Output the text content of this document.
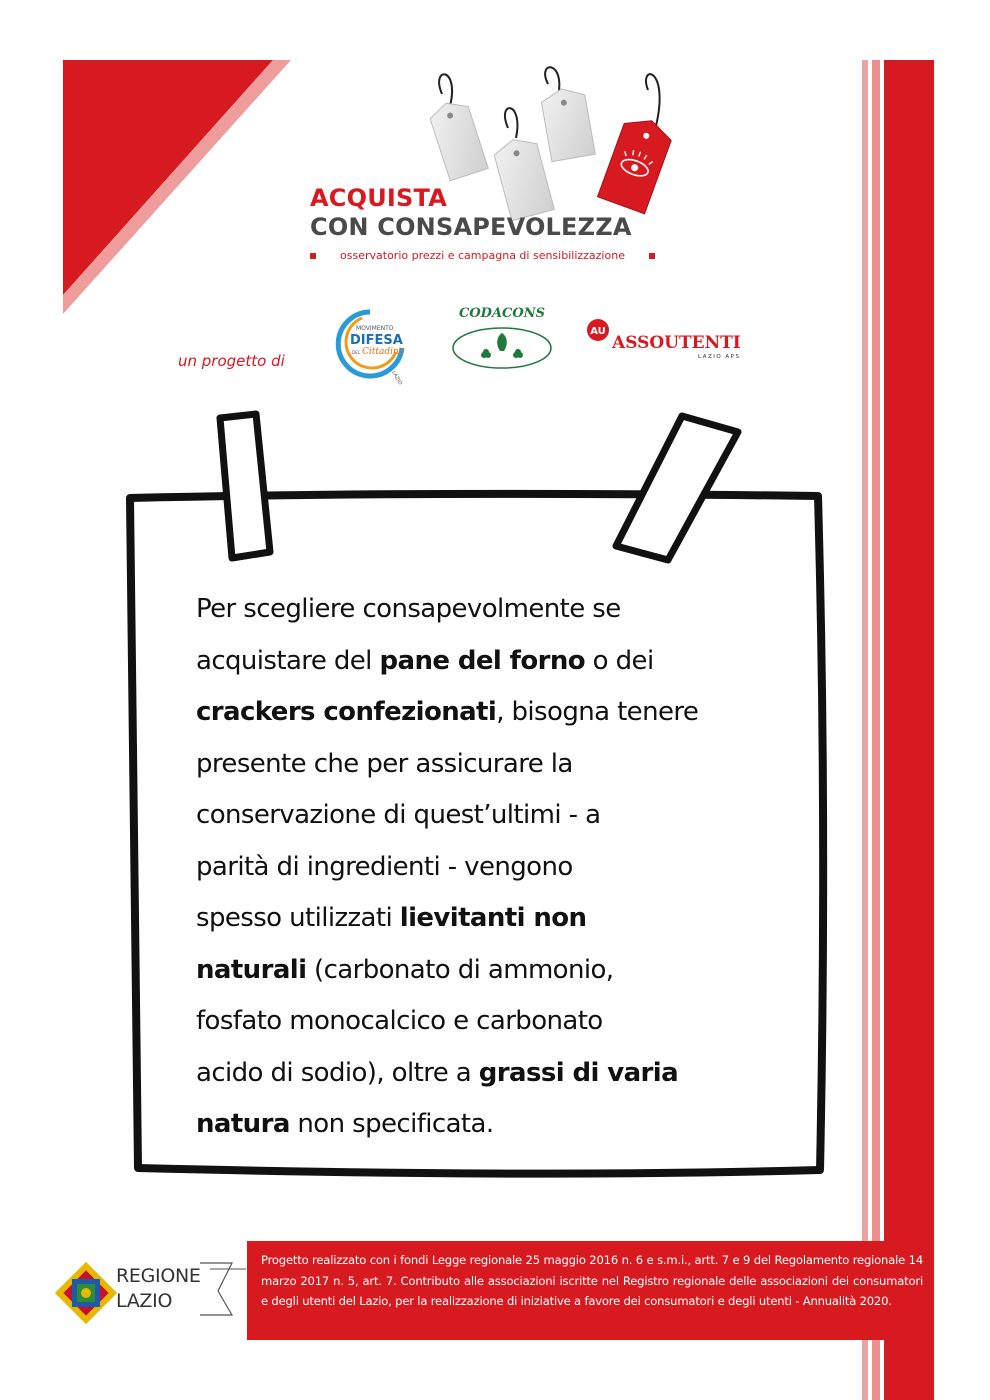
ACQUISTA
CON CONSAPEVOLEZZA
osservatorio prezzi e campagna di sensibilizzazione
un progetto di
MOVIMENTO
DIFESA
DEL Cittadino
LAZIO
CODACONS
AU
ASSOUTENTI
LAZIO APS

Per scegliere consapevolmente se

acquistare del pane del forno o dei

crackers confezionati, bisogna tenere

presente che per assicurare la

conservazione di quest’ultimi - a

parità di ingredienti - vengono

spesso utilizzati lievitanti non

naturali (carbonato di ammonio,

fosfato monocalcico e carbonato

acido di sodio), oltre a grassi di varia

natura non specificata.

REGIONE
LAZIO
Progetto realizzato con i fondi Legge regionale 25 maggio 2016 n. 6 e s.m.i., artt. 7 e 9 del Regolamento regionale 14 marzo 2017 n. 5, art. 7. Contributo alle associazioni iscritte nel Registro regionale delle associazioni dei consumatori e degli utenti del Lazio, per la realizzazione di iniziative a favore dei consumatori e degli utenti - Annualità 2020.
